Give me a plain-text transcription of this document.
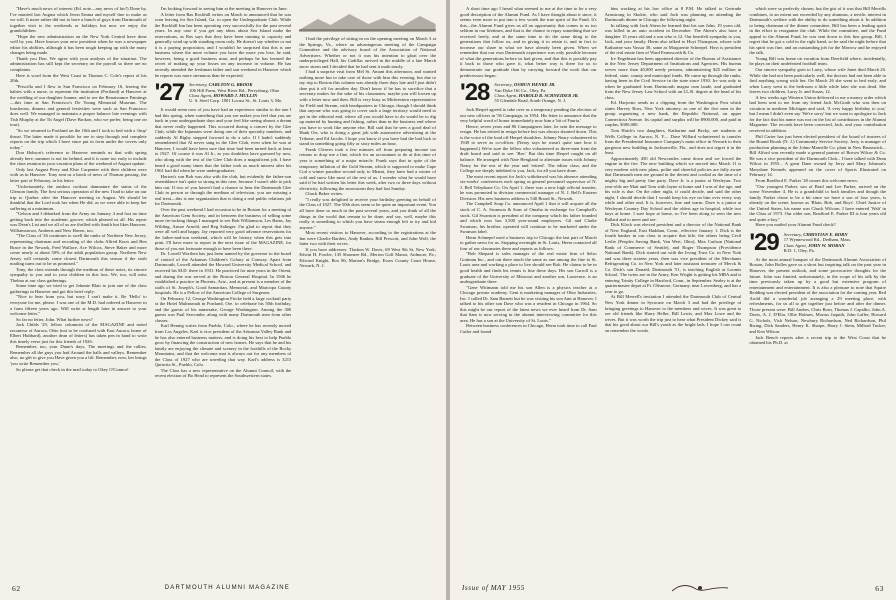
"Have's much news of interest (Ed. note—any news of his?) Done by, I've married last August which Jeron Emma and myself fine to make as we will. It more rather did not to have a bunch of guys from Dartmouth of together visit to the weekends or holidays but now we enjoy the grandchildren.

"Hope the new administration on the New York Central have done well by you. Have known your new president when he was a newspaper editor his abilities, although it has been tough keeping up with the many changes being made.

Thank you Don. We agree with your analysis of the situation. The administration has still kept the secretary on the payroll so there are no complaints.

Here is word from the West Coast in Thomas C. Cole's report of his 20th.

"Priscilla and I flew to San Francisco on February 16, leaving the babies with a nurse, to represent the institution (Portland) at Hanover at the wedding of our daughter Joanne, and to see the Renaissance Paintings—this time at San Francisco's De Young Memorial Museum. The luncheons, dinners and general festivities were such as San Francisco does well. We managed to maintain a proper balance late evenings with Tish Murphy at the Tit Angel (Dave Brokon, who we prefer, being one on tour).

"So we returned to Portland on the 10th and I took to bed with a 'drop' throat. The latter made it possible for me to step through and complete reports on the trip which I have since put in form under the covers only today."

Don Hobson's reference to Hanover reminds us that with spring already here, summer is not far behind, and it is none too early to include the class reunion in your vacation plans of the weekend of August update.

Only last August Perry and Elsie Carpenter with their children were with us in Hanover. Tony sent us a batch of news of Thomas passing, the latter part of February, in his letter:

"Unfortunately, the outdoor cookout damnature the status of the Gleason family. The first serious operation of the new I had to take on our trip to Quebec after the Hanover meeting in August. We should be thankful that the Lord took her when He did, as we were able to keep her suffering at a minimum.

"Gelson and I debarked from the Army on January 4 and lost no time getting back into the academic groove, which pleased us all. His report was Dean's List and we all of us are thrilled with Smith but likes Hanover, Williamstown, Amherst and New Haven, too.

"The Class of '26 continues to swell the ranks of Northern New Jersey, representing chairman and recording of the clubs Alfred Knox and Ben Brace in the Newark, Fred Wallace, Ace Wilcox, Steve Baker and more come nearly at about 50% of the adult population group. Northern New Jersey will certainly come closest Dartmouth this season if the sixth mailing turns out to be as promised."

Tony, the class extends through the medium of these notes, its sincere sympathy to you and to your children in this loss. We, too, will miss Thelma at our class gatherings.

Some time ago we tried to get Johnnie Blair to join one of the class gatherings in Hanover and got this brief reply:

"Nice to hear from you, but sorry I can't make it. Be 'Hello' to everyone for me, please. I was one of the M.D. had ordered at Hanover in a farm fifteen years ago. Will write at length later in answer to your welcome letter."

So far no letter, John. What further news?

Jack Childs '29, fellow columnist of the MAGAZINE and noted raconteur of Aurora, Ohio (not to be confused with East Aurora, home of Elbert Hubbard), another dean of letters) has taken pen in hand to write this timely verse just for this friends of 1926:

Remember, too, your Dunn's days, The meetings and the rallies, Remember all the guys you had Around the halls and valleys. Remember also, no gift to give you Have given you a lift. Remember, now, her brings 'you write Remember you.'

So please get that check in the mail today to Okey O'Connor!

I'm looking forward to seeing him at the meeting in Hanover in June.

A letter from Ras Rockhill writes on March to announced that he was soon leaving for Sea Island, Ga. to open the Undergraduate Club. While the Rockhill Inn has been operating very successfully for the past several years. In any case if you get any ideas about Sea Island make the reservations, as Ras says that they have been running to capacity and generally wind up with standing room only. He doesn't say whether or not it is a paying proposition, and I wouldn't be surprised that this is one business where the more volume you have the more you lose, he said, however, being a good business man, and perhaps he has learned the secret of making up your losses on any increase in volume. He has recently attended the freshman father and son weekend in Hanover which he reports was more strenuous than he expected.

'27 Secretary, CARLTON G. BROOK
106 Hill Farm, West River Rd., Perrysburg, Ohio
Class Agent, HOWARD J. MULLIN
U. S. Steel Corp. 1801 Locust St., St. Louis 3, Mo.

It would seem now of you have had an experience similar to the one I had this spring, when something that you see makes you feel that you are back in your undergraduate days and your feel like seeing almost a dream that never really happened. This occurred during a concert by the Glee Club, while the Injunnies were doing one of their specialty numbers, and suddenly Al Rigby stepped forward to do a solo. If I hadn't suddenly remembered that Al never sang in the Glee Club, even when he was at Hanover, I would have been sure that time had been turned back at least to 1927. Of course it was Al Jr., as you doubtless have guessed by now, who along with the rest of the Glee Club does a magnificent job. I have heard a good many times that the father took as much interest after his 1961 had did when he were undergraduates.

Horton's son Bob was also with the club, but evidently the father-son resemblance isn't quite so strong in this case, because I wasn't able to pick him out. If two of you haven't had a chance to hear the Dartmouth Glee Club in person or through the medium of television, you are missing a real treat—this is one organization that is doing a real public relations job for Dartmouth.

Over the past weekend I had occasion to be in Boston for a meeting of the American Gem Society, and in between the business of selling some more tie-tacking things I managed to see Bob Williamson, Les Bains, Jay Wilding, Ansoe Arnold, and Reg Salinger. I'm glad to report that they were all well and happy. Jay reported very good advance reservations for the father-and-son weekend, which will be history when this gets into print. I'll have more to report in the next issue of the MAGAZINE, for those of you not fortunate enough to have been there.

Dr. Lowell Worthen has just been named by the governor to the board of control of the Arkansas Children's Colony at Conway. Apart from Dartmouth, Lowell attended the Howard University Medical School, and received his M.D. there in 1931. He practiced for nine years in the Orient, and during the war served at the Boston General Hospital. In 1946 he established a practice in Phoenix, Ariz., and at present is a member of the staffs of St. Joseph's, Good Samaritan, Memorial, and Maricopa County hospitals. He is a Fellow of the American College of Surgeons.

On February 12, George Washington Fricke held a large cocktail party at the Hotel Multnomah in Portland, Ore. to celebrate his 50th birthday, and the guests of his namesake, George Washington. Among the 300 guests was Paul Sercombe, along with many Dartmouth men from other classes.

Karl Hennig writes from Pueblo, Colo., where he has recently moved from Los Angeles. Karl is vice president of the Arkansas Valley Bank and he has also entered business matters, and is doing his best to help Pueblo grow by financing the construction of new homes. He says that he and his family are enjoying the climate and scenery in the foothills of the Rocky Mountains, and that the welcome mat is always out for any members of the Class of 1927 who are traveling that way. Karl's address is 3215 Quincita St., Pueblo, Colo.

The Class has a new representative on the Alumni Council, with the recent election of Bo Head to represent the Southwestern states.

I had the privilege of sitting in on the opening meeting on March 3 at the Springs, Va., where an advantageous meeting of the Campaign Committee and the advisory board of the Association of National Advertisers. Whether or not it was his intention to gloat over the underprivileged Hall, his Cadillac arrived in the middle of a late March snow storm and I decided that he had sent it maliciously.

I had a surprise visit from Mel St. Amant this afternoon, and wanted nothing more but to take care of those with him this evening, but due to my trip to Boston this column was already three days late and I just didn't dare put it off for another day. Don't know if he has to sacrifice that a secretary makes for the sake of his classmates, maybe you will loosen up with a letter now and then. Bill is very busy as Midwestern representative for Field and Stream, with headquarters in Chicago, though I should think that anyone who was going to cover such a large territory would need to get in the editorial end, where all you would have to do would be to dig up material by hunting and fishing, rather than in the business end where you have to work like anyone else. Bill said that he sees a good deal of Hank Orr, who is doing a great job with automotive advertising at the Tribune, and Ed Jacobs. I hope you know if you have had the bad luck to stand in something going fifty or sixty miles an hour.

Frank Cleaves took a few minutes off from preparing income tax returns to drop me a line, which for an accountant to do at this time of year is something of a major miracle. Frank says that in spite of the temporary inflation of the Gold Stream, which is supposed to make Cape Cod a winter paradise second only to Miami, they have had a winter of cold and snow like most of the rest of us. I wonder what he would have said if he had written his letter this week, after two or three days without electricity, following the snowstorm they had last Sunday.

Chuck Baker writes:

"I really was delighted to receive your birthday greeting on behalf of the Class of 1927. The 50th does seem to be quite an important event. You all have done so much in the past several years, and you think of all the things in the world that remain to be done, and say, well, maybe this really is something to which you have steam enough left to try and kid anyone."

Most recent visitors to Hanover, according to the registrations at the Inn were Charlie Bartlett, Andy Rankin, Bill Prescott, and John Wolf, the latter two with their wives.

If you have addresses: Tlasbon W. Davis, 69 West 9th St, New York; Edwin H. Fowler, 135 Shawnee Rd., Merion Golf Manor, Ardmore, Pa.; Edward Knight, Box 86, Marion's Bridge, Essex County Court House, Newark, N. J.

62	DARTMOUTH ALUMNI MAGAZINE

A short time ago I heard what seemed to me at the time to be a very good description of the Alumni Fund. As I have thought about it since, it seems even more to put into a few words the true spirit of the Fund. It's this—the Alumni Fund gives us all an opportunity that comes to us too seldom in our lifetimes, and that is the chance to repay something that we received freely, and at the same time to do the same thing to the generations that follow us, and in giving it to retain it, and in fact to increase our share in what we have already been given. When we remember that our own Dartmouth experience was only possible because of what the generations before us had given, and that this is possibly pay it back to those who gave it, what better way is there for us to demonstrate our gratitude than by carrying forward the work that our predecessors began.

'28 Secretary, OSMUN HENKE JR.
Van Dyke Oil Co., Oley, Pa.
Class Agent, HAROLD R. SCHNEIDER JR.
55 Glendale Road, South Orange, N. J.

Jack Herpel agreed to take over as a temporary pending the election of our new officers in '56 Campaign, in 1954. His letter to announce that the very helpful word of honor immediately now him a 'bit of Fauria.'

Hence, seven years and 86 Campaigners later, he sent the message to resign. He has retired in resign before but was always shouted down. This is the voice of the loud off Herpel shoulders. Johnny Neary volunteered in 1949 to serve as co-officer. (Neary says he wasn't quite sure how it happened.) We're sure the fellow who volunteered as three-men from the draft board and said to see: 'Bee.' But this time Herpel caught on all balance. He arranged with Nate Hengland to alternate issues with Johnny Neary for the rest of the year and 'retired'. The editor class, and the College are deeply indebted to you, Jack, for all you have done.

The most recent report for Jack's withdrawal was his absence attending six-weeks' conferences each spring as general personnel supervisor of N. J. Bell Telephone Co. On April 1, there was a new high official transfer, he was promoted to division commercial manager of N. J. Bell's Eastern Division. His new business address is 540 Broad St., Newark.

The Campbell Soup Co. announced April 1 that it will acquire all the stock of C. A. Swanson & Sons of Omaha in exchange for Campbell's stock. Gil Swanson is president of the company which his father founded and which now has 3,500 year-round employees. Gil and Clarke Swanson, his brother, operated will continue to be marketed under the Swanson label.

Herm Schnepel used a business trip to Chicago the last part of March to gather news for us. Stopping overnight in St. Louis, Herm contacted all four of our classmates there and reports as follows:

"Bob Shepard is sales manager of the real estate firm of Selso Gottman Inc., and out there much the same as one among the fine to St. Louis area and working a place to live should see Bob. He claims to be in good health and finds his tennis is fine these days. His son Carroll is a graduate of the University of Missouri and another son, Lawrence, is an undergraduate there.

"Gene Wittmann told me his son Allen is a physics teacher at a Chicago private academy. Gent is marketing manager of Ohio Industries, Inc. I called Dr. Sam Barnett but he was visiting his son Ann at Hanover. I talked to his other son Dave who was a resident in Chicago in 1964. So this might be our report of the latest news we ever heard from Dr. Sam that Sam is now serving in the alumni interviewing committee for this area. He has a son at the University of St. Louis."

Between business conferences in Chicago, Herm took time to call Paul Cutler and found

him working at his law office at 8 P.M. He talked to Gertrude Armstrong in Skokie, who said Jack was planning on attending the Dartmouth dinner in Chicago the following night.

In talking with Jack Ahern he learned that his son John, 19 years old, was killed in an auto accident in December. The Ahern's also have a daughter 15 years old and a son who is 12. Our heartfelt sympathy to you, Jack, and your family. Herm also talked to Hoyt Thompson, whose wife Katharine was Vassar 38, same as Marguerite Schnepel. Hoyt is president of the real estate firm of Ward Farnsworth & Co.

Irv Engelman has been appointed director of the Bureau of Assistance in the New Jersey Department of Institutions and Agencies. His bureau serves more than 40,000 needy persons, administering $25 million in federal, state, county and municipal funds. He came up through the ranks, having been in the Civil Service in the state since 1930. Irv was only to when he graduated from Dartmouth magna cum laude, and graduated from the New Jersey Law School with an LL.B. degree at the head of his class.

Ed. Harjorno sends us a clipping from the Washington Post which states Harvey Ross, New York attorney, as one of the five men in the group organizing a new bank, the Republic National, on upper Connecticut Avenue. Its capital and surplus will be $900,000, and paid in surplus, $300,000.

Tom Hatch's two daughters, Katharine and Becky, are students at Wells College in Aurora, N. Y.... Dave Willard volunteered to transfer from the Presidential Insurance Company's main office in Newark to their gorgeous new building in Jacksonville, Fla., and does not regret it in the least.

Approximately 450 old Newcastles came down and we forced the engine in the fire. The new building which we moved into March 11 is very modern with new plans, polite and cheerful policies are fully aware that Dartmouth men are ground in the decent and cordial as the time of a mighty big and pretty fine party. Dave Jr. is a junior at Wesleyan. Two year-olds are Matt and Tom with Jayne at home and I was of the age, and his wife is due. On the other night, if could decide, and said the other night, I should decide that I would keep his eye on him over every way while and other end. It is, however, fine and warm. Dave is a junior at Wesleyan Country Day School and the oldest age in hospital, while two boys at home. I sure hope at home, so I've been along to seen the new Ballard and to meet and see.

Dick Klack was elected president and a director of the National Bank of New England, East Haddam, Conn., effective January 1. Dick is the fourth banker in our class to acquire that title, the others being Cecil Leslie (Peoples Saving Bank, Van Wert, Ohio), Max Carlson (National Bank of Commerce of Seattle), and Roger Thompson (Providence National Bank). Dick started out with the Irving Trust Co. in New York and was there sixteen years, then was vice president of the Merchants Refrigerating Co. in New York and later assistant treasurer of Merck & Co. Dick's son Donald, Dartmouth '51, is teaching English at Loomis School. The twins are in the Army, Ken Wright is getting his MBA and is entering Trinity College in Hartford, Conn., in September. Sealey is at the quartermaster depot at Ft. Oltsmore, Germany, near Lowenberg, and has a year to go.

At Bill Merrell's invitation I attended the Dartmouth Club of Central New York dinner in Syracuse on March 3 and had the privilege of bringing greetings to Hanover to the members and wives. It was great to see old friends like Harry Heller, Bill Lewis, and Max Lowe and the wives. But it was worth the trip just to hear what President Dickey said is that his good about our Bill's youth as the bright lads. I hope I can count on remember the words.

which were so perfectly chosen, but the gist of it was that Bill Merrills combines, to an extent not exceeded by any alumnus, a terrific interest in Dartmouth's welfare with the ability to do something about it. In addition to being chairman of the dinner committee, Bill has been a leading spirit in the effort to reorganize the club. While the committee, and the Fund appeal to the Alumni Fund, he was sent down to this fine group. Bill, I regret that he got a cold in the right hand, so he said the night before that his spirit was fine, and an outstanding job for the Morrow and he enjoyed the talk.

Young Bill was home on vacation from Deerfield where, incidentally, he plays on their undefeated football team.

Our sincere sympathy goes to Larry, whose wife Janet died March 26. While she had not been particularly well, the doctors had not been able to find anything wrong with her. On March 26 she went to bed early, and when Larry went to the bedroom a little while later she was dead. She leaves two children, Larry Jr. and Susan, 12.

A few weeks ago Western Union delivered to me a money order which had been sent to me from my friend Jack McGrath who was then on vacation in northern Michigan and said, 'A very happy birthday to you,' but I mean I didn't even say 'We're sorry' but we want to apologize to Jack for the fact that his name was not on the list of contributors in the Alumni Magazine. The records have been corrected, Jack, and your contribution received in addition.

Phil Carter has just been elected president of the board of trustees of the Bound Brook (N. J.) Community Service Society. Jerry is manager of production planning at the Johns-Manville Co. plant in New Brunswick... Bill Alford was recently made a general partner of Brown Wilcor & Co. He was a vice president of the Dartmouth Club... I have talked with Dean Wilcot in 1955... A great Dane owned by Jerry and Mary Johnson's Marydane Kennels appeared on the cover of Sports Illustrated on February 14.

From Bradford E. Parker '28 comes this welcome news:

"Our youngest Parker, son of Brad and Lee Parker, arrived on the scene November 4. He is a grandchild to both families and though the family Parker chose to be a bit since we have a son of four years, is already on the scene, known as 'Blain, Bob, and Boys'. Chief Justice of the United States, his name was Chuck Wilcom. I have entered 'Walt' in the Class of 1973. Our older son, Bradford E. Parker III is four years old and quite a boy."

Have you mailed your Alumni Fund check?

'29 Secretary, CHRISTIAN E. BORN
17 Wynnewood Rd., Dedham, Mass.
Class Agent, JOHN W. MORAN
R.D. 1, Oley, Pa.

At the most annual banquet of the Dartmouth Alumni Association of Boston, John Bolles gave us a short but inspiring talk on the past year in Hanover, the present outlook, and some provocative thoughts for the future. John was limited, unfortunately, in the scope of his talk by the time previously taken up by a good but extensive program of entertainment and entertainment. It is also a pleasure to note that Squire Redding was elected president of the association for the coming year. Red Arold did a wonderful job arranging a 29 meeting place, with refreshments, for us all to get together just before and after the dinner. Those present were: Bill Andres, Chris Born, Thomas J. Capalbo, John A. Davis, A. J. D'Elia, Ollie Holmes, Morrus Jaquith, John Laffer, Howard G. Nichols, Vick Nelson, Newbury Richardson, Ned Richardson, Phil Rising, Dick Sanders, Henry K. Sharpe, Harry J. Stein, Millard Tucker, and Ken Wilson.

Jack Bench reports after a recent trip to the West Coast that he obtained his Ph.D. at

Issue of MAY 1955	63
